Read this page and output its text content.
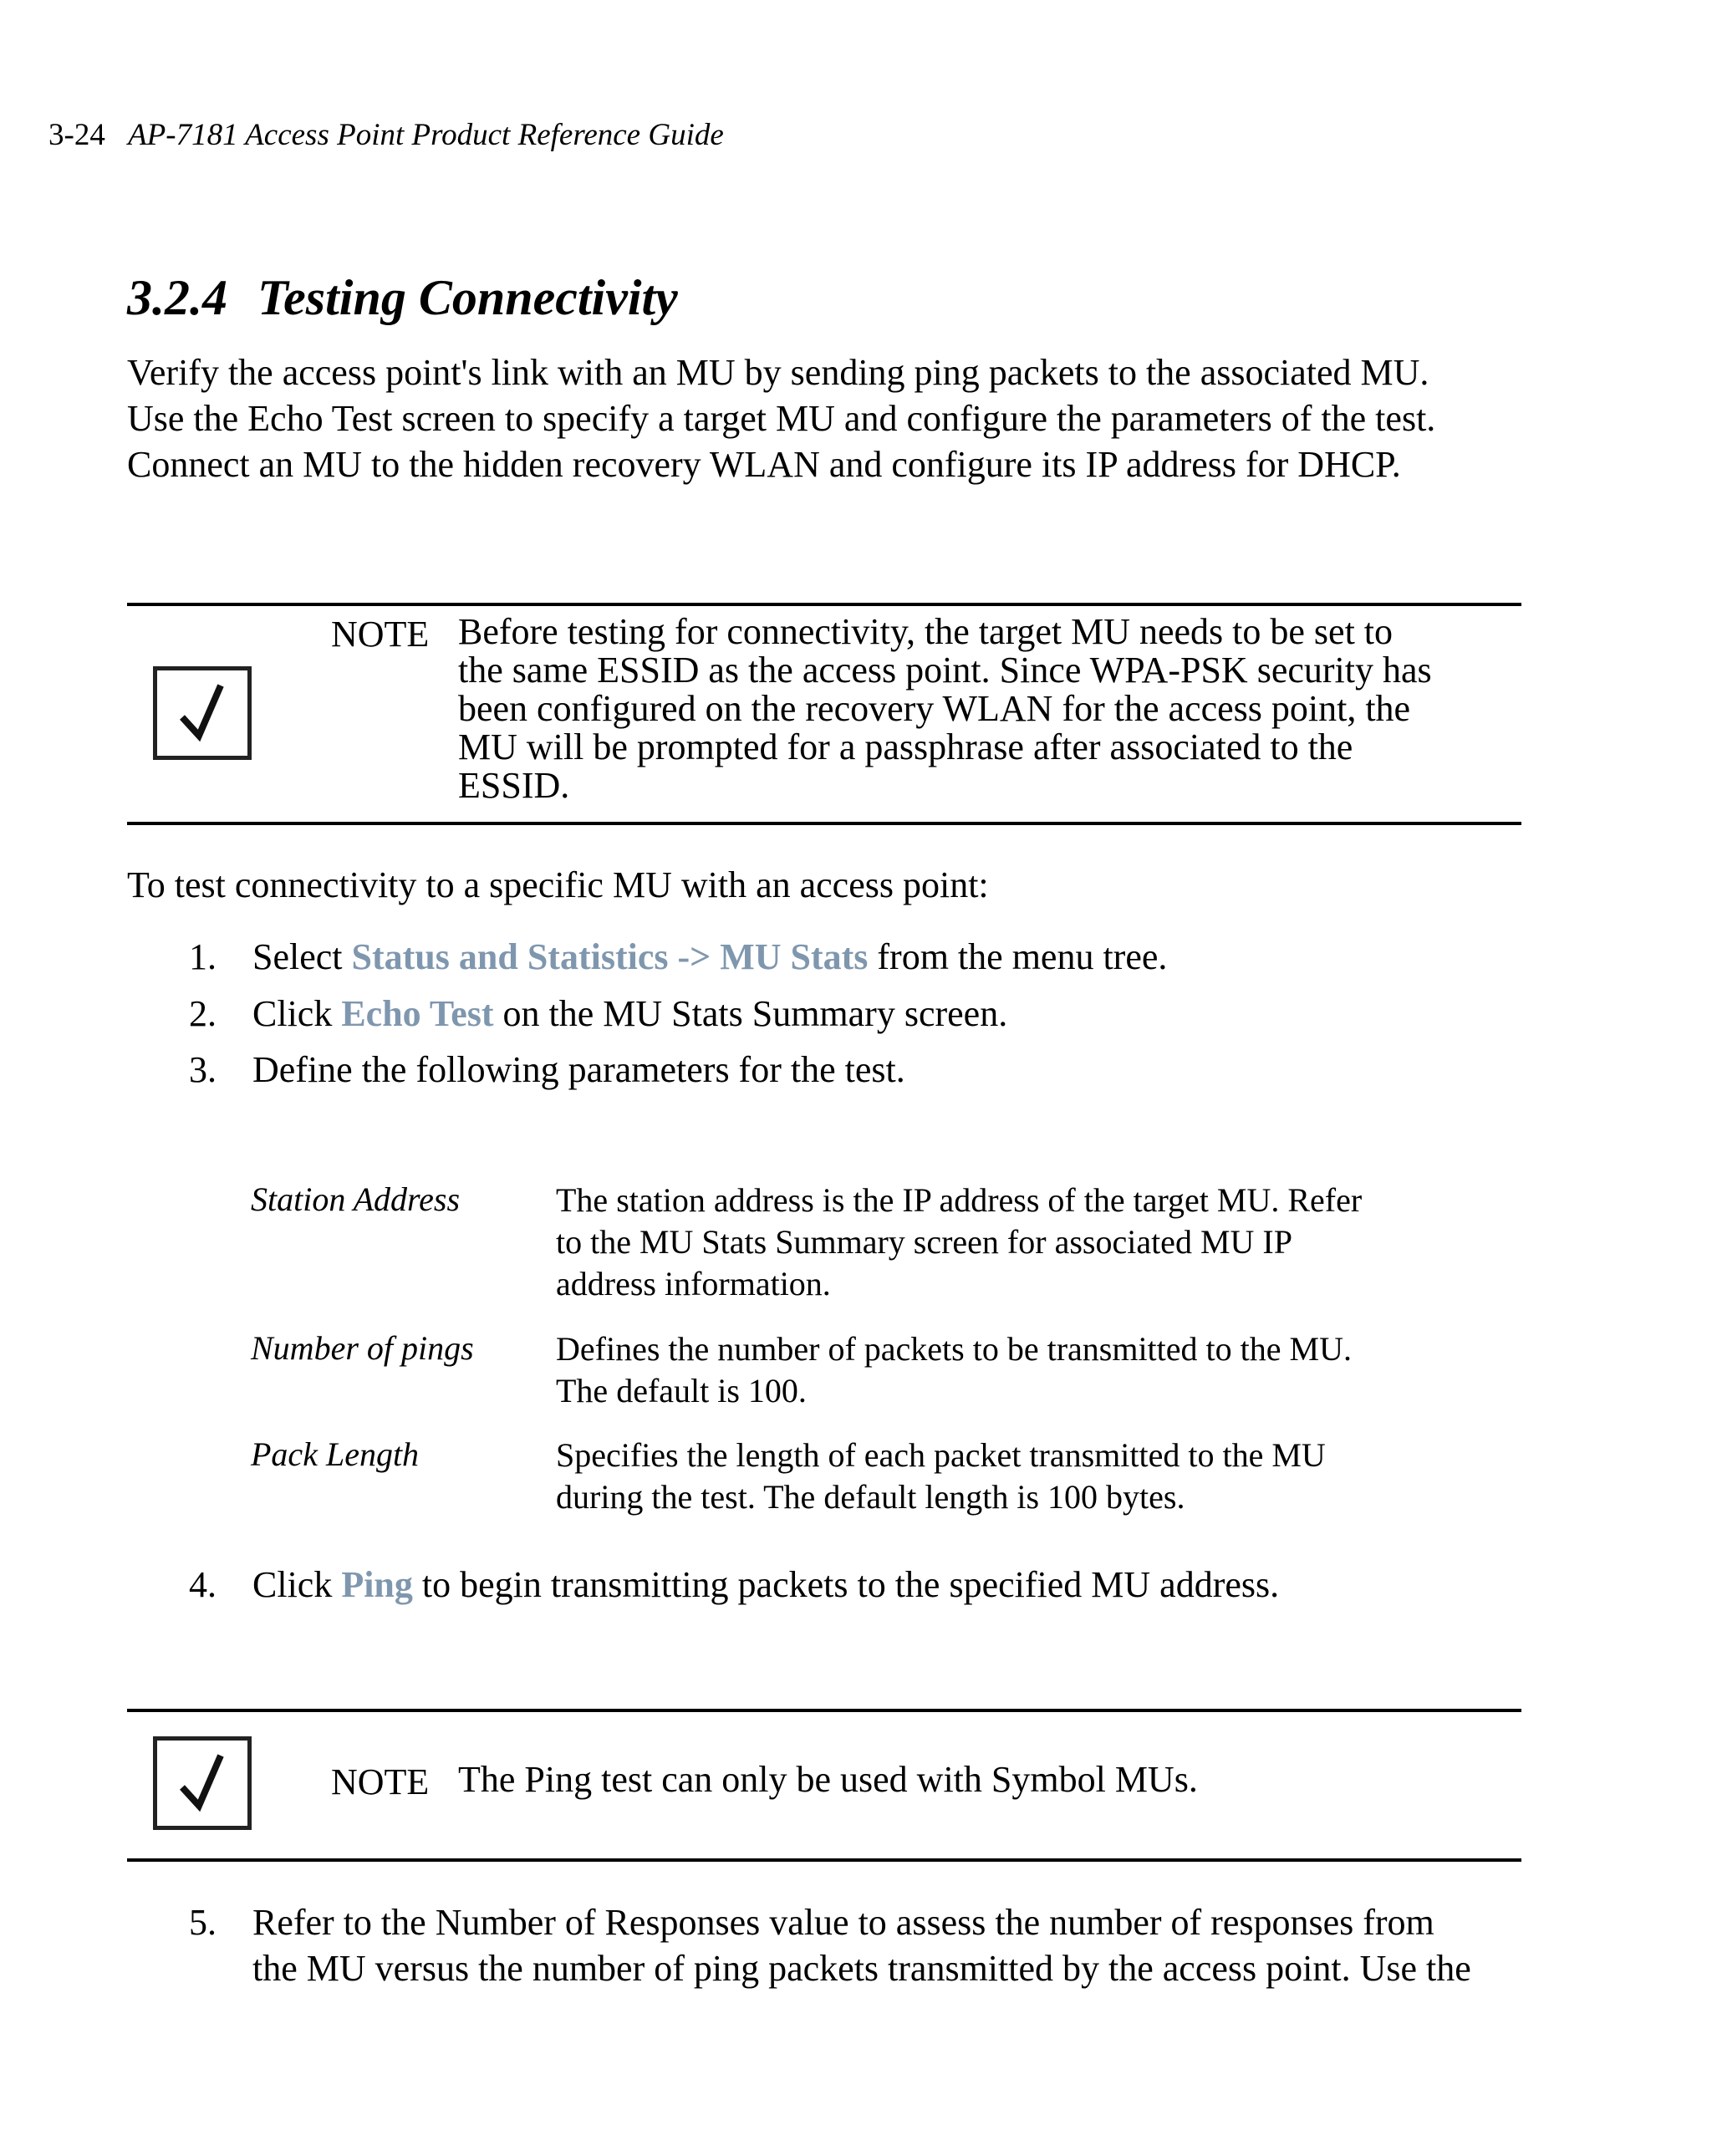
3-24 AP-7181 Access Point Product Reference Guide
3.2.4 Testing Connectivity
Verify the access point's link with an MU by sending ping packets to the associated MU.
Use the Echo Test screen to specify a target MU and configure the parameters of the test.
Connect an MU to the hidden recovery WLAN and configure its IP address for DHCP.
NOTE Before testing for connectivity, the target MU needs to be set to
the same ESSID as the access point. Since WPA-PSK security has
been configured on the recovery WLAN for the access point, the
MU will be prompted for a passphrase after associated to the
ESSID.
To test connectivity to a specific MU with an access point:
1. Select Status and Statistics -> MU Stats from the menu tree.
2. Click Echo Test on the MU Stats Summary screen.
3. Define the following parameters for the test.
Station Address	The station address is the IP address of the target MU. Refer
to the MU Stats Summary screen for associated MU IP
address information.
Number of pings Defines the number of packets to be transmitted to the MU.
The default is 100.
Pack Length	Specifies the length of each packet transmitted to the MU
during the test. The default length is 100 bytes.
4. Click Ping to begin transmitting packets to the specified MU address.
NOTE The Ping test can only be used with Symbol MUs.
5. Refer to the Number of Responses value to assess the number of responses from
the MU versus the number of ping packets transmitted by the access point. Use the
